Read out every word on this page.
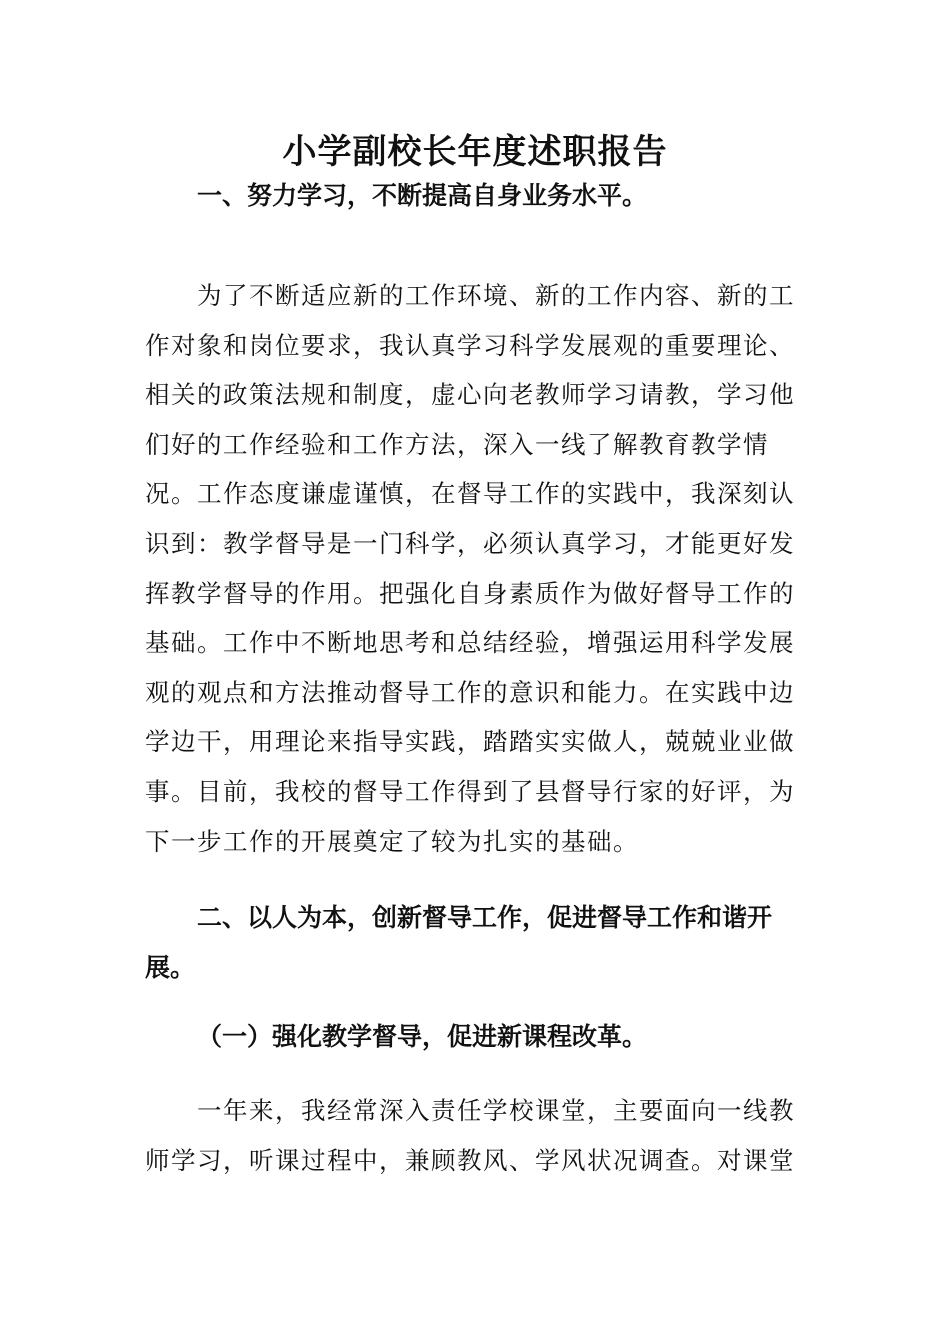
小学副校长年度述职报告

一、努力学习，不断提高自身业务水平。

为了不断适应新的工作环境、新的工作内容、新的工作对象和岗位要求，我认真学习科学发展观的重要理论、相关的政策法规和制度，虚心向老教师学习请教，学习他们好的工作经验和工作方法，深入一线了解教育教学情况。工作态度谦虚谨慎，在督导工作的实践中，我深刻认识到：教学督导是一门科学，必须认真学习，才能更好发挥教学督导的作用。把强化自身素质作为做好督导工作的基础。工作中不断地思考和总结经验，增强运用科学发展观的观点和方法推动督导工作的意识和能力。在实践中边学边干，用理论来指导实践，踏踏实实做人，兢兢业业做事。目前，我校的督导工作得到了县督导行家的好评，为下一步工作的开展奠定了较为扎实的基础。

二、以人为本，创新督导工作，促进督导工作和谐开展。

（一）强化教学督导，促进新课程改革。

一年来，我经常深入责任学校课堂，主要面向一线教师学习，听课过程中，兼顾教风、学风状况调查。对课堂
